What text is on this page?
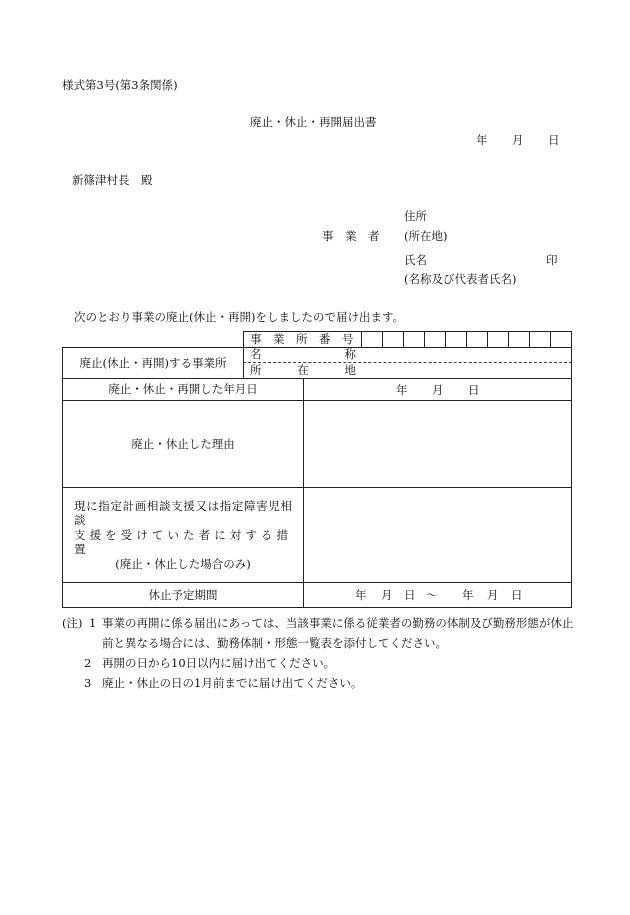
様式第3号(第3条関係)
廃止・休止・再開届出書
年 月 日
新篠津村長　殿
住所
事　業　者 (所在地)
氏名	印
(名称及び代表者氏名)
次のとおり事業の廃止(休止・再開)をしましたので届け出ます。
事　業　所　番　号
廃止(休止・再開)する事業所
名	称
所	在	地
廃止・休止・再開した年月日	年 月 日
廃止・休止した理由
現に指定計画相談支援又は指定障害児相談
支援を受けていた者に対する措置
(廃止・休止した場合のみ)
休止予定期間	年 月 日 ～ 年 月 日
(注) 1 事業の再開に係る届出にあっては、当該事業に係る従業者の勤務の体制及び勤務形態が休止前と異なる場合には、勤務体制・形態一覧表を添付してください。
2 再開の日から10日以内に届け出てください。
3 廃止・休止の日の1月前までに届け出てください。
